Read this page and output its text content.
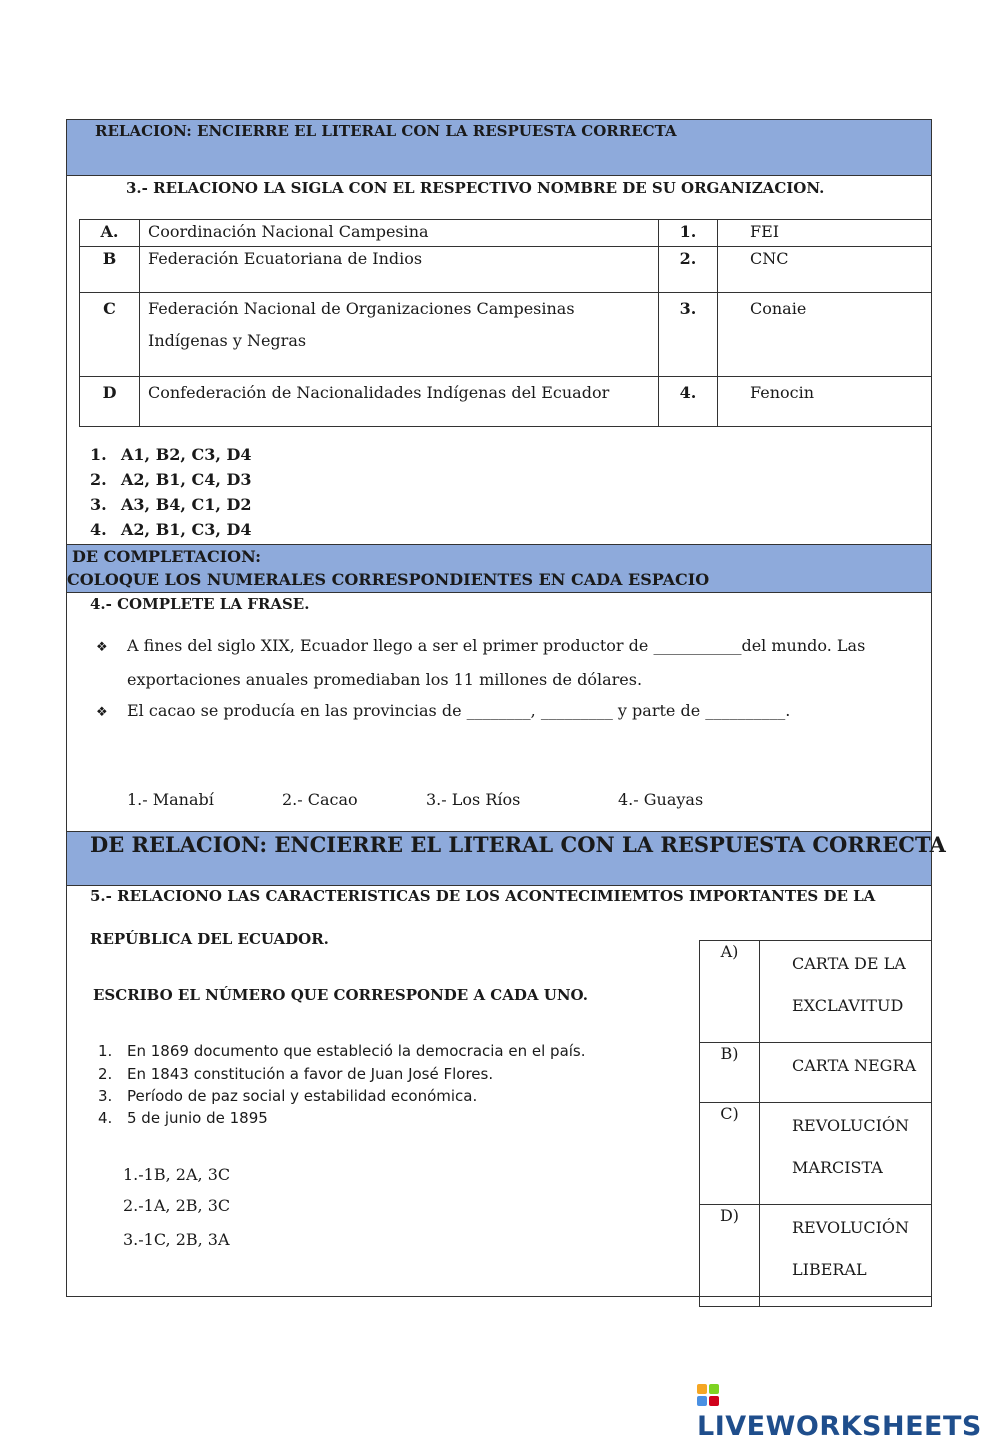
RELACION: ENCIERRE EL LITERAL CON LA RESPUESTA CORRECTA
3.- RELACIONO LA SIGLA CON EL RESPECTIVO NOMBRE DE SU ORGANIZACION.
A.	Coordinación Nacional Campesina	1.	FEI
B	Federación Ecuatoriana de Indios	2.	CNC
C	Federación Nacional de Organizaciones Campesinas Indígenas y Negras	3.	Conaie
D	Confederación de Nacionalidades Indígenas del Ecuador	4.	Fenocin
1. A1, B2, C3, D4
2. A2, B1, C4, D3
3. A3, B4, C1, D2
4. A2, B1, C3, D4
DE COMPLETACION:
COLOQUE LOS NUMERALES CORRESPONDIENTES EN CADA ESPACIO
4.- COMPLETE LA FRASE.
❖ A fines del siglo XIX, Ecuador llego a ser el primer productor de ___________del mundo. Las
exportaciones anuales promediaban los 11 millones de dólares.
❖ El cacao se producía en las provincias de ________, _________ y parte de __________.
1.- Manabí	2.- Cacao	3.- Los Ríos	4.- Guayas
DE RELACION: ENCIERRE EL LITERAL CON LA RESPUESTA CORRECTA
5.- RELACIONO LAS CARACTERISTICAS DE LOS ACONTECIMIEMTOS IMPORTANTES DE LA
REPÚBLICA DEL ECUADOR.
ESCRIBO EL NÚMERO QUE CORRESPONDE A CADA UNO.
1. En 1869 documento que estableció la democracia en el país.
2. En 1843 constitución a favor de Juan José Flores.
3. Período de paz social y estabilidad económica.
4. 5 de junio de 1895
1.-1B, 2A, 3C
2.-1A, 2B, 3C
3.-1C, 2B, 3A
A)	CARTA DE LA
EXCLAVITUD
B)	CARTA NEGRA
C)	REVOLUCIÓN
MARCISTA
D)	REVOLUCIÓN
LIBERAL
LIVEWORKSHEETS
